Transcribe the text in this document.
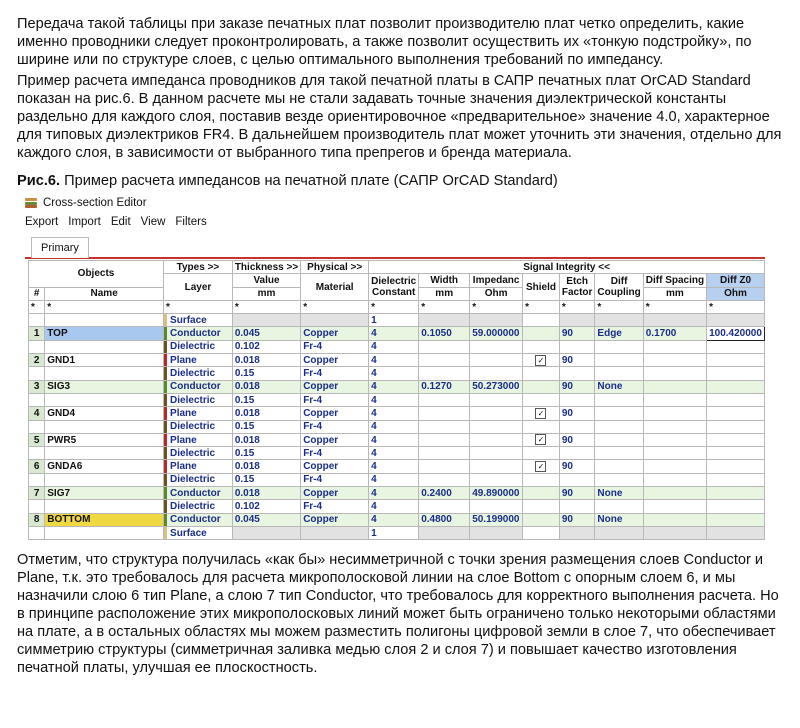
Передача такой таблицы при заказе печатных плат позволит производителю плат четко определить, какие именно проводники следует проконтролировать, а также позволит осуществить их «тонкую подстройку», по ширине или по структуре слоев, с целью оптимального выполнения требований по импедансу.

Пример расчета импеданса проводников для такой печатной платы в САПР печатных плат OrCAD Standard показан на рис.6. В данном расчете мы не стали задавать точные значения диэлектрической константы раздельно для каждого слоя, поставив везде ориентировочное «предварительное» значение 4.0, характерное для типовых диэлектриков FR4. В дальнейшем производитель плат может уточнить эти значения, отдельно для каждого слоя, в зависимости от выбранного типа препрегов и бренда материала.

Рис.6. Пример расчета импедансов на печатной плате (САПР OrCAD Standard)
Cross-section Editor
Export Import Edit View Filters
Primary
Objects		Types >>	Thickness >>	Physical >>	Signal Integrity <<							
		Layer	Value	Material	Dielectric
Constant	Width	Impedanc	Shield	Etch
Factor	Diff
Coupling	Diff Spacing	Diff Z0
#	Name		mm			mm	Ohm				mm	Ohm
*	*	*	*	*	*	*	*	*	*	*	*	*
		Surface			1							
1	TOP	Conductor	0.045	Copper	4	0.1050	59.000000		90	Edge	0.1700	100.420000
		Dielectric	0.102	Fr-4	4							
2	GND1	Plane	0.018	Copper	4			✓	90			
		Dielectric	0.15	Fr-4	4							
3	SIG3	Conductor	0.018	Copper	4	0.1270	50.273000		90	None		
		Dielectric	0.15	Fr-4	4							
4	GND4	Plane	0.018	Copper	4			✓	90			
		Dielectric	0.15	Fr-4	4							
5	PWR5	Plane	0.018	Copper	4			✓	90			
		Dielectric	0.15	Fr-4	4							
6	GNDA6	Plane	0.018	Copper	4			✓	90			
		Dielectric	0.15	Fr-4	4							
7	SIG7	Conductor	0.018	Copper	4	0.2400	49.890000		90	None		
		Dielectric	0.102	Fr-4	4							
8	BOTTOM	Conductor	0.045	Copper	4	0.4800	50.199000		90	None		
		Surface			1							

Отметим, что структура получилась «как бы» несимметричной с точки зрения размещения слоев Conductor и Plane, т.к. это требовалось для расчета микрополосковой линии на слое Bottom с опорным слоем 6, и мы назначили слою 6 тип Plane, а слою 7 тип Conductor, что требовалось для корректного выполнения расчета. Но в принципе расположение этих микрополосковых линий может быть ограничено только некоторыми областями на плате, а в остальных областях мы можем разместить полигоны цифровой земли в слое 7, что обеспечивает симметрию структуры (симметричная заливка медью слоя 2 и слоя 7) и повышает качество изготовления печатной платы, улучшая ее плоскостность.
